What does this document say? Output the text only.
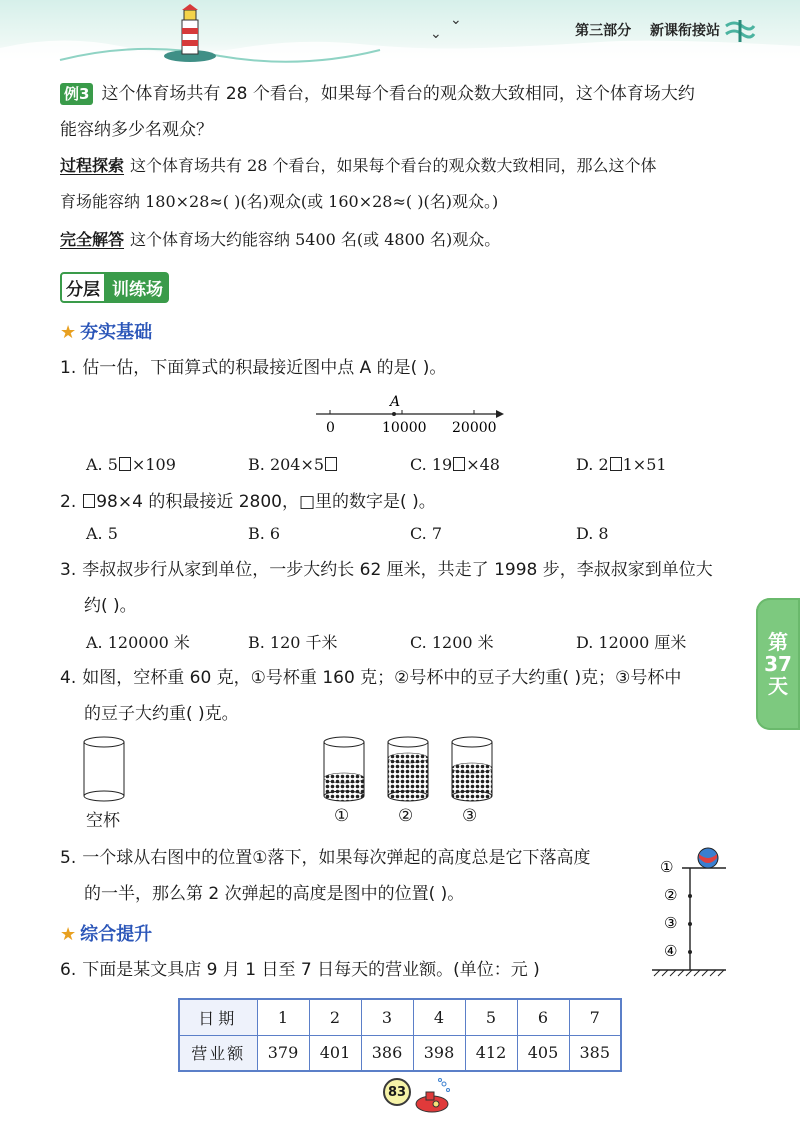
⌄
⌄	第三部分 新课衔接站
第
37
天
例3 这个体育场共有 28 个看台，如果每个看台的观众数大致相同，这个体育场大约
能容纳多少名观众？
过程探索 这个体育场共有 28 个看台，如果每个看台的观众数大致相同，那么这个体
育场能容纳 180×28≈( )(名)观众(或 160×28≈( )(名)观众。)
完全解答 这个体育场大约能容纳 5400 名(或 4800 名)观众。
分层 训练场
★ 夯实基础
1. 估一估，下面算式的积最接近图中点 A 的是( )。
A
0	10000 20000
A. 5 ×109	B. 204×5	C. 19 ×48	D. 2 1×51
2. 98×4 的积最接近 2800，□里的数字是( )。
A. 5	B. 6	C. 7	D. 8
3. 李叔叔步行从家到单位，一步大约长 62 厘米，共走了 1998 步，李叔叔家到单位大
约( )。
A. 120000 米	B. 120 千米	C. 1200 米	D. 12000 厘米
4. 如图，空杯重 60 克，①号杯重 160 克；②号杯中的豆子大约重( )克；③号杯中
的豆子大约重( )克。
空杯	①	②	③
5. 一个球从右图中的位置①落下，如果每次弹起的高度总是它下落高度
的一半，那么第 2 次弹起的高度是图中的位置( )。
①
②
③
④
★ 综合提升
6. 下面是某文具店 9 月 1 日至 7 日每天的营业额。(单位：元 )
日期	1	2	3	4	5	6	7
营业额	379	401	386	398	412	405	385
83
